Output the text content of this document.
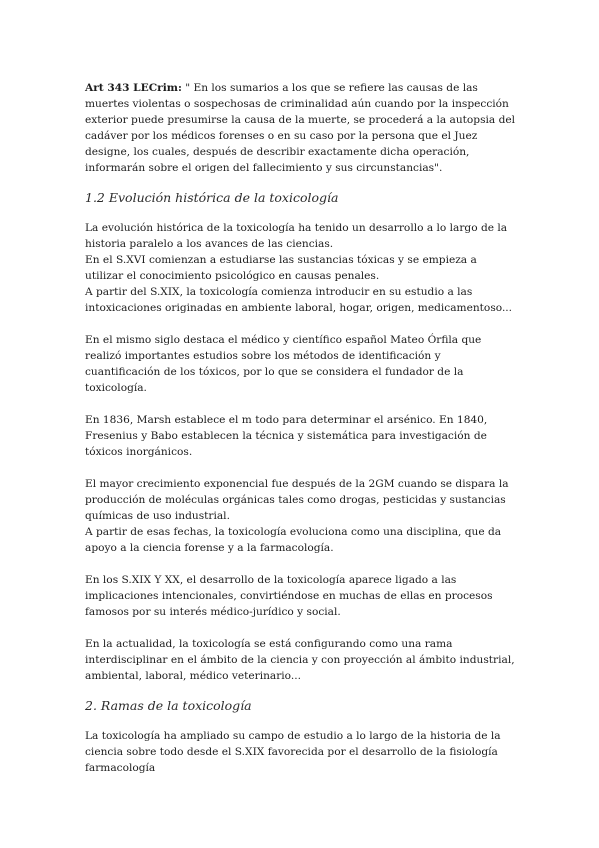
Art 343 LECrim: " En los sumarios a los que se refiere las causas de las muertes violentas o sospechosas de criminalidad aún cuando por la inspección exterior puede presumirse la causa de la muerte, se procederá a la autopsia del cadáver por los médicos forenses o en su caso por la persona que el Juez designe, los cuales, después de describir exactamente dicha operación, informarán sobre el origen del fallecimiento y sus circunstancias".

1.2 Evolución histórica de la toxicología

La evolución histórica de la toxicología ha tenido un desarrollo a lo largo de la historia paralelo a los avances de las ciencias.

En el S.XVI comienzan a estudiarse las sustancias tóxicas y se empieza a utilizar el conocimiento psicológico en causas penales.

A partir del S.XIX, la toxicología comienza introducir en su estudio a las intoxicaciones originadas en ambiente laboral, hogar, origen, medicamentoso...

En el mismo siglo destaca el médico y científico español Mateo Órfila que realizó importantes estudios sobre los métodos de identificación y cuantificación de los tóxicos, por lo que se considera el fundador de la toxicología.

En 1836, Marsh establece el m todo para determinar el arsénico. En 1840, Fresenius y Babo establecen la técnica y sistemática para investigación de tóxicos inorgánicos.

El mayor crecimiento exponencial fue después de la 2GM cuando se dispara la producción de moléculas orgánicas tales como drogas, pesticidas y sustancias químicas de uso industrial.

A partir de esas fechas, la toxicología evoluciona como una disciplina, que da apoyo a la ciencia forense y a la farmacología.

En los S.XIX Y XX, el desarrollo de la toxicología aparece ligado a las implicaciones intencionales, convirtiéndose en muchas de ellas en procesos famosos por su interés médico-jurídico y social.

En la actualidad, la toxicología se está configurando como una rama interdisciplinar en el ámbito de la ciencia y con proyección al ámbito industrial, ambiental, laboral, médico veterinario...

2. Ramas de la toxicología

La toxicología ha ampliado su campo de estudio a lo largo de la historia de la ciencia sobre todo desde el S.XIX favorecida por el desarrollo de la fisiología farmacología
